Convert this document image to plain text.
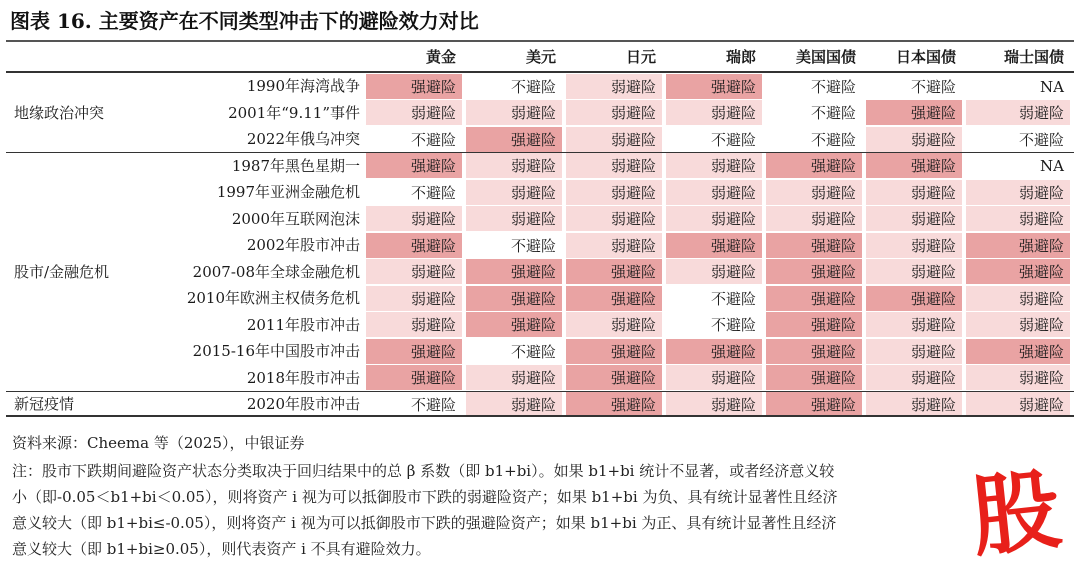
图表 16. 主要资产在不同类型冲击下的避险效力对比
黄金	美元	日元	瑞郎	美国国债	日本国债	瑞士国债
1990年海湾战争	强避险	不避险	弱避险	强避险	不避险	不避险	NA
2001年“9.11”事件	弱避险	弱避险	弱避险	弱避险	不避险	强避险	弱避险
2022年俄乌冲突	不避险	强避险	弱避险	不避险	不避险	弱避险	不避险
地缘政治冲突
1987年黑色星期一	强避险	弱避险	弱避险	弱避险	强避险	强避险	NA
1997年亚洲金融危机	不避险	弱避险	弱避险	弱避险	弱避险	弱避险	弱避险
2000年互联网泡沫	弱避险	弱避险	弱避险	弱避险	弱避险	弱避险	弱避险
2002年股市冲击	强避险	不避险	弱避险	强避险	强避险	弱避险	强避险
2007-08年全球金融危机	弱避险	强避险	强避险	弱避险	强避险	弱避险	强避险
2010年欧洲主权债务危机	弱避险	强避险	强避险	不避险	强避险	强避险	弱避险
2011年股市冲击	弱避险	强避险	弱避险	不避险	强避险	弱避险	弱避险
2015-16年中国股市冲击	强避险	不避险	强避险	强避险	强避险	弱避险	强避险
2018年股市冲击	强避险	弱避险	强避险	弱避险	强避险	弱避险	弱避险
股市/金融危机
2020年股市冲击	不避险	弱避险	强避险	弱避险	强避险	弱避险	弱避险
新冠疫情
资料来源：Cheema 等（2025），中银证券
注：股市下跌期间避险资产状态分类取决于回归结果中的总 β 系数（即 b1+bi）。如果 b1+bi 统计不显著，或者经济意义较
小（即-0.05＜b1+bi＜0.05），则将资产 i 视为可以抵御股市下跌的弱避险资产；如果 b1+bi 为负、具有统计显著性且经济
意义较大（即 b1+bi≤-0.05），则将资产 i 视为可以抵御股市下跌的强避险资产；如果 b1+bi 为正、具有统计显著性且经济
意义较大（即 b1+bi≥0.05），则代表资产 i 不具有避险效力。	股
